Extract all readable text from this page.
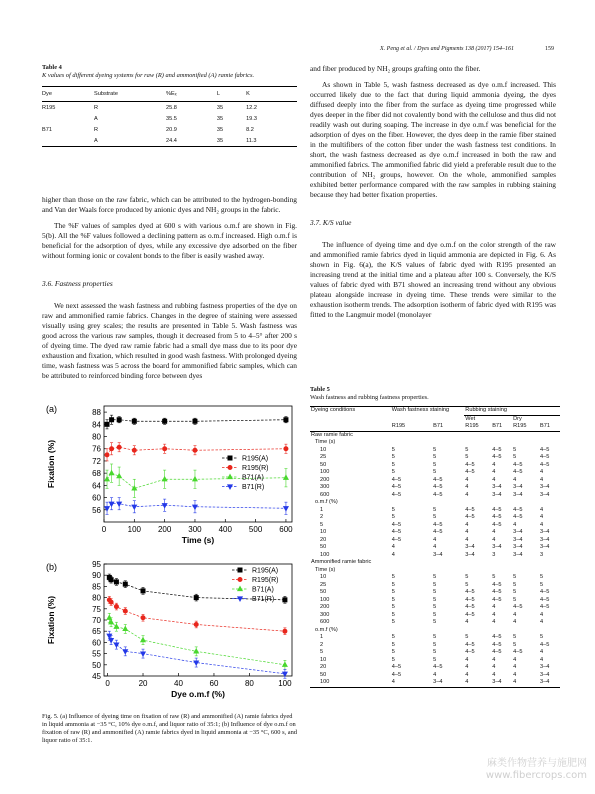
X. Peng et al. / Dyes and Pigments 138 (2017) 154–161	159
Table 4
K values of different dyeing systems for raw (R) and ammonified (A) ramie fabrics.
Dye	Substrate	%Eₓ	L	K
R195	R	25.8	35	12.2
	A	35.5	35	19.3
B71	R	20.9	35	8.2
	A	24.4	35	11.3

higher than those on the raw fabric, which can be attributed to the hydrogen-bonding and Van der Waals force produced by anionic dyes and NH₂ groups in the fabric.

The %F values of samples dyed at 600 s with various o.m.f are shown in Fig. 5(b). All the %F values followed a declining pattern as o.m.f increased. High o.m.f is beneficial for the adsorption of dyes, while any excessive dye adsorbed on the fiber without forming ionic or covalent bonds to the fiber is easily washed away.

3.6. Fastness properties

We next assessed the wash fastness and rubbing fastness properties of the dye on raw and ammonified ramie fabrics. Changes in the degree of staining were assessed visually using grey scales; the results are presented in Table 5. Wash fastness was good across the various raw samples, though it decreased from 5 to 4–5° after 200 s of dyeing time. The dyed raw ramie fabric had a small dye mass due to its poor dye exhaustion and fixation, which resulted in good wash fastness. With prolonged dyeing time, wash fastness was 5 across the board for ammonified fabric samples, which can be attributed to reinforced binding force between dyes

(a)
0	100 200 300 400 500 600
56
60
64
68
72
76
80
84
88
Time (s)
Fixation (%)	R195(A)
R195(R)
B71(A)
B71(R)
(b)
0	20	40	60	80	100
45
50
55
60
65
70
75
80
85
90
95
Dye o.m.f (%)
Fixation (%)
R195(A)
R195(R)
B71(A)
B71(R)
Fig. 5. (a) Influence of dyeing time on fixation of raw (R) and ammonified (A) ramie fabrics dyed in liquid ammonia at −35 °C, 10% dye o.m.f, and liquor ratio of 35:1; (b) Influence of dye o.m.f on fixation of raw (R) and ammonified (A) ramie fabrics dyed in liquid ammonia at −35 °C, 600 s, and liquor ratio of 35:1.

and fiber produced by NH₂ groups grafting onto the fiber.

As shown in Table 5, wash fastness decreased as dye o.m.f increased. This occurred likely due to the fact that during liquid ammonia dyeing, the dyes diffused deeply into the fiber from the surface as dyeing time progressed while dyes deeper in the fiber did not covalently bond with the cellulose and thus did not readily wash out during soaping. The increase in dye o.m.f was beneficial for the adsorption of dyes on the fiber. However, the dyes deep in the ramie fiber stained in the multifibers of the cotton fiber under the wash fastness test conditions. In short, the wash fastness decreased as dye o.m.f increased in both the raw and ammonified fabrics. The ammonified fabric did yield a preferable result due to the contribution of NH₂ groups, however. On the whole, ammonified samples exhibited better performance compared with the raw samples in rubbing staining because they had better fixation properties.

3.7. K/S value

The influence of dyeing time and dye o.m.f on the color strength of the raw and ammonified ramie fabrics dyed in liquid ammonia are depicted in Fig. 6. As shown in Fig. 6(a), the K/S values of fabric dyed with R195 presented an increasing trend at the initial time and a plateau after 100 s. Conversely, the K/S values of fabric dyed with B71 showed an increasing trend without any obvious plateau alongside increase in dyeing time. These trends were similar to the exhaustion isotherm trends. The adsorption isotherm of fabric dyed with R195 was fitted to the Langmuir model (monolayer

Table 5
Wash fastness and rubbing fastness properties.
Dyeing conditions	Wash fastness staining		Rubbing staining			
			Wet		Dry	
	R195	B71	R195	B71	R195	B71
Raw ramie fabric						
Time (s)						
10	5	5	5	4–5	5	4–5
25	5	5	5	4–5	5	4–5
50	5	5	4–5	4	4–5	4–5
100	5	5	4–5	4	4–5	4
200	4–5	4–5	4	4	4	4
300	4–5	4–5	4	3–4	3–4	3–4
600	4–5	4–5	4	3–4	3–4	3–4
o.m.f (%)						
1	5	5	4–5	4–5	4–5	4
2	5	5	4–5	4–5	4–5	4
5	4–5	4–5	4	4–5	4	4
10	4–5	4–5	4	4	3–4	3–4
20	4–5	4	4	4	3–4	3–4
50	4	4	3–4	3–4	3–4	3–4
100	4	3–4	3–4	3	3–4	3
Ammonified ramie fabric						
Time (s)						
10	5	5	5	5	5	5
25	5	5	5	4–5	5	5
50	5	5	4–5	4–5	5	4–5
100	5	5	4–5	4–5	5	4–5
200	5	5	4–5	4	4–5	4–5
300	5	5	4–5	4	4	4
600	5	5	4	4	4	4
o.m.f (%)						
1	5	5	5	4–5	5	5
2	5	5	4–5	4–5	5	4–5
5	5	5	4–5	4–5	4–5	4
10	5	5	4	4	4	4
20	4–5	4–5	4	4	4	3–4
50	4–5	4	4	4	4	3–4
100	4	3–4	4	3–4	4	3–4
麻类作物营养与施肥网
www.fibercrops.com
